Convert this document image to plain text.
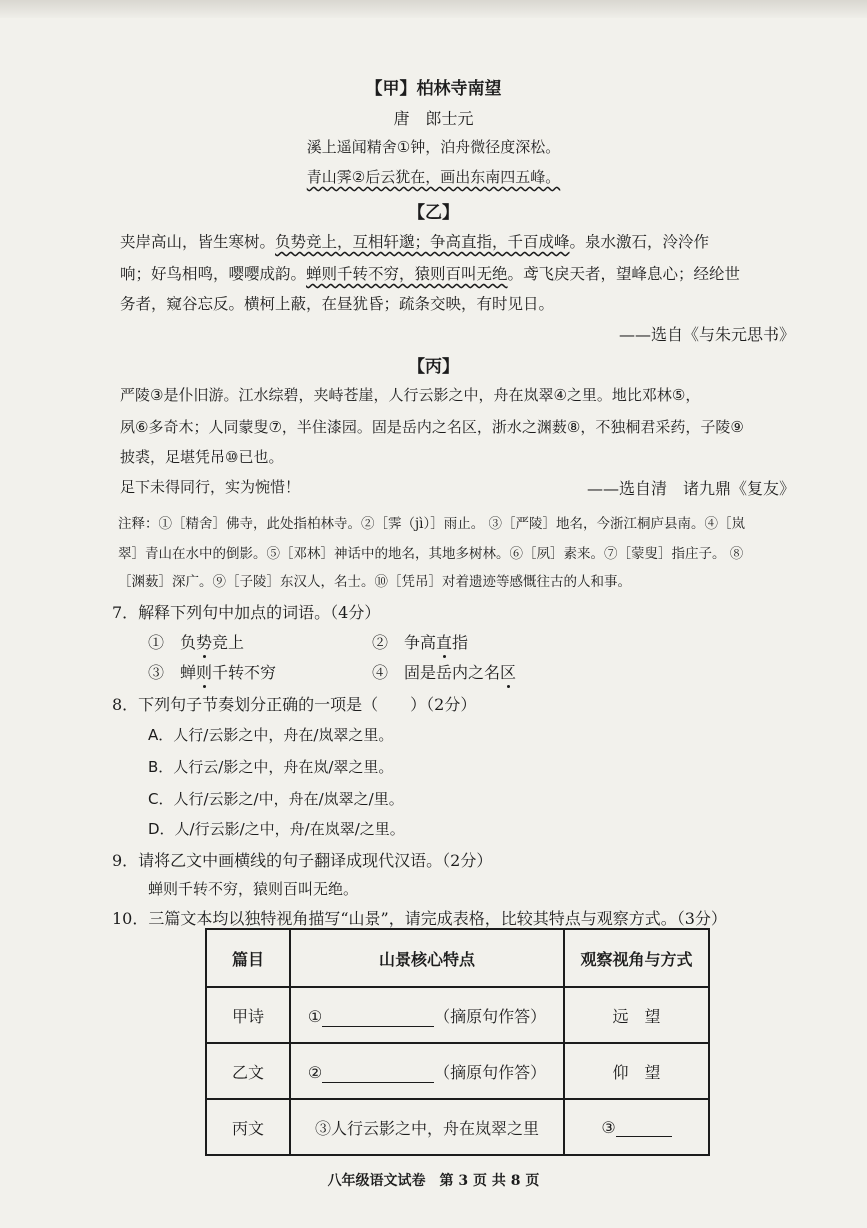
【甲】柏林寺南望
唐　郎士元
溪上遥闻精舍①钟，泊舟微径度深松。
青山霁②后云犹在，画出东南四五峰。
【乙】
夹岸高山，皆生寒树。负势竞上，互相轩邈；争高直指，千百成峰。泉水激石，泠泠作
响；好鸟相鸣，嘤嘤成韵。蝉则千转不穷，猿则百叫无绝。鸢飞戾天者，望峰息心；经纶世
务者，窥谷忘反。横柯上蔽，在昼犹昏；疏条交映，有时见日。
——选自《与朱元思书》
【丙】
严陵③是仆旧游。江水综碧，夹峙苍崖，人行云影之中，舟在岚翠④之里。地比邓林⑤，
夙⑥多奇木；人同蒙叟⑦，半住漆园。固是岳内之名区，浙水之渊薮⑧，不独桐君采药，子陵⑨
披裘，足堪凭吊⑩已也。
足下未得同行，实为惋惜！	——选自清　诸九鼎《复友》
注释：①［精舍］佛寺，此处指柏林寺。②［霁（jì）］雨止。 ③［严陵］地名，今浙江桐庐县南。④［岚
翠］青山在水中的倒影。⑤［邓林］神话中的地名，其地多树林。⑥［夙］素来。⑦［蒙叟］指庄子。 ⑧
［渊薮］深广。⑨［子陵］东汉人，名士。⑩［凭吊］对着遗迹等感慨往古的人和事。
7．解释下列句中加点的词语。（4分）
①　负势竞上	②　争高直指
③　蝉则千转不穷	④　固是岳内之名区
8．下列句子节奏划分正确的一项是（　　）（2分）
A．人行/云影之中，舟在/岚翠之里。
B．人行云/影之中，舟在岚/翠之里。
C．人行/云影之/中，舟在/岚翠之/里。
D．人/行云影/之中，舟/在岚翠/之里。
9．请将乙文中画横线的句子翻译成现代汉语。（2分）
蝉则千转不穷，猿则百叫无绝。
10．三篇文本均以独特视角描写“山景”，请完成表格，比较其特点与观察方式。（3分）
篇目	山景核心特点	观察视角与方式
甲诗	① （摘原句作答）	远　望
乙文	② （摘原句作答）	仰　望
丙文	③人行云影之中，舟在岚翠之里	③
八年级语文试卷　第 3 页 共 8 页
